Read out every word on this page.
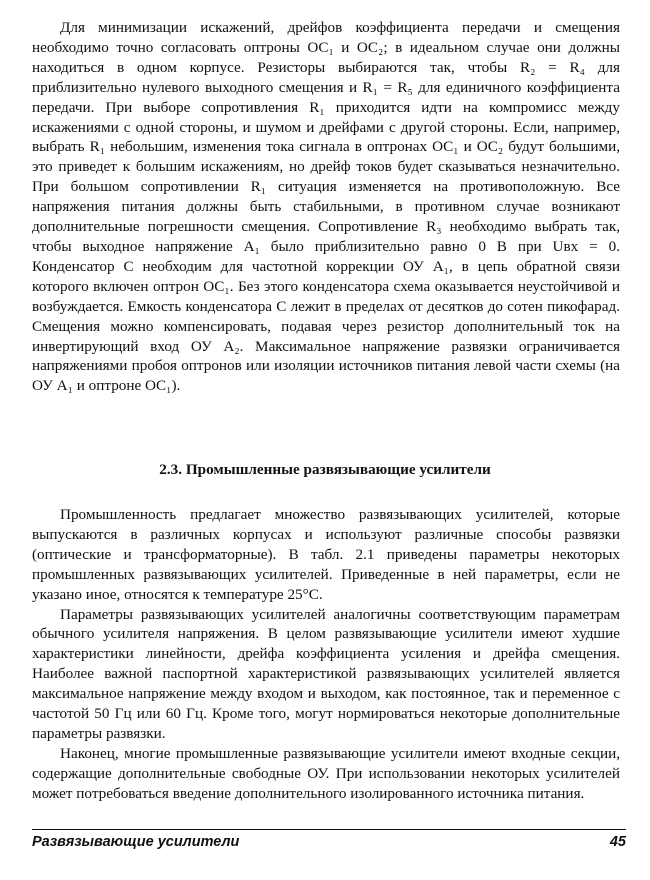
Для минимизации искажений, дрейфов коэффициента передачи и смещения необходимо точно согласовать оптроны OC₁ и OC₂; в идеальном случае они должны находиться в одном корпусе. Резисторы выбираются так, чтобы R₂ = R₄ для приблизительно нулевого выходного смещения и R₁ = R₅ для единичного коэффициента передачи. При выборе сопротивления R₁ приходится идти на компромисс между искажениями с одной стороны, и шумом и дрейфами с другой стороны. Если, например, выбрать R₁ небольшим, изменения тока сигнала в оптронах OC₁ и OC₂ будут большими, это приведет к большим искажениям, но дрейф токов будет сказываться незначительно. При большом сопротивлении R₁ ситуация изменяется на противоположную. Все напряжения питания должны быть стабильными, в противном случае возникают дополнительные погрешности смещения. Сопротивление R₃ необходимо выбрать так, чтобы выходное напряжение A₁ было приблизительно равно 0 В при Uвх = 0. Конденсатор C необходим для частотной коррекции ОУ A₁, в цепь обратной связи которого включен оптрон OC₁. Без этого конденсатора схема оказывается неустойчивой и возбуждается. Емкость конденсатора C лежит в пределах от десятков до сотен пикофарад. Смещения можно компенсировать, подавая через резистор дополнительный ток на инвертирующий вход ОУ A₂. Максимальное напряжение развязки ограничивается напряжениями пробоя оптронов или изоляции источников питания левой части схемы (на ОУ A₁ и оптроне OC₁).

2.3. Промышленные развязывающие усилители

Промышленность предлагает множество развязывающих усилителей, которые выпускаются в различных корпусах и используют различные способы развязки (оптические и трансформаторные). В табл. 2.1 приведены параметры некоторых промышленных развязывающих усилителей. Приведенные в ней параметры, если не указано иное, относятся к температуре 25°С.

Параметры развязывающих усилителей аналогичны соответствующим параметрам обычного усилителя напряжения. В целом развязывающие усилители имеют худшие характеристики линейности, дрейфа коэффициента усиления и дрейфа смещения. Наиболее важной паспортной характеристикой развязывающих усилителей является максимальное напряжение между входом и выходом, как постоянное, так и переменное с частотой 50 Гц или 60 Гц. Кроме того, могут нормироваться некоторые дополнительные параметры развязки.

Наконец, многие промышленные развязывающие усилители имеют входные секции, содержащие дополнительные свободные ОУ. При использовании некоторых усилителей может потребоваться введение дополнительного изолированного источника питания.

Развязывающие усилители	45
